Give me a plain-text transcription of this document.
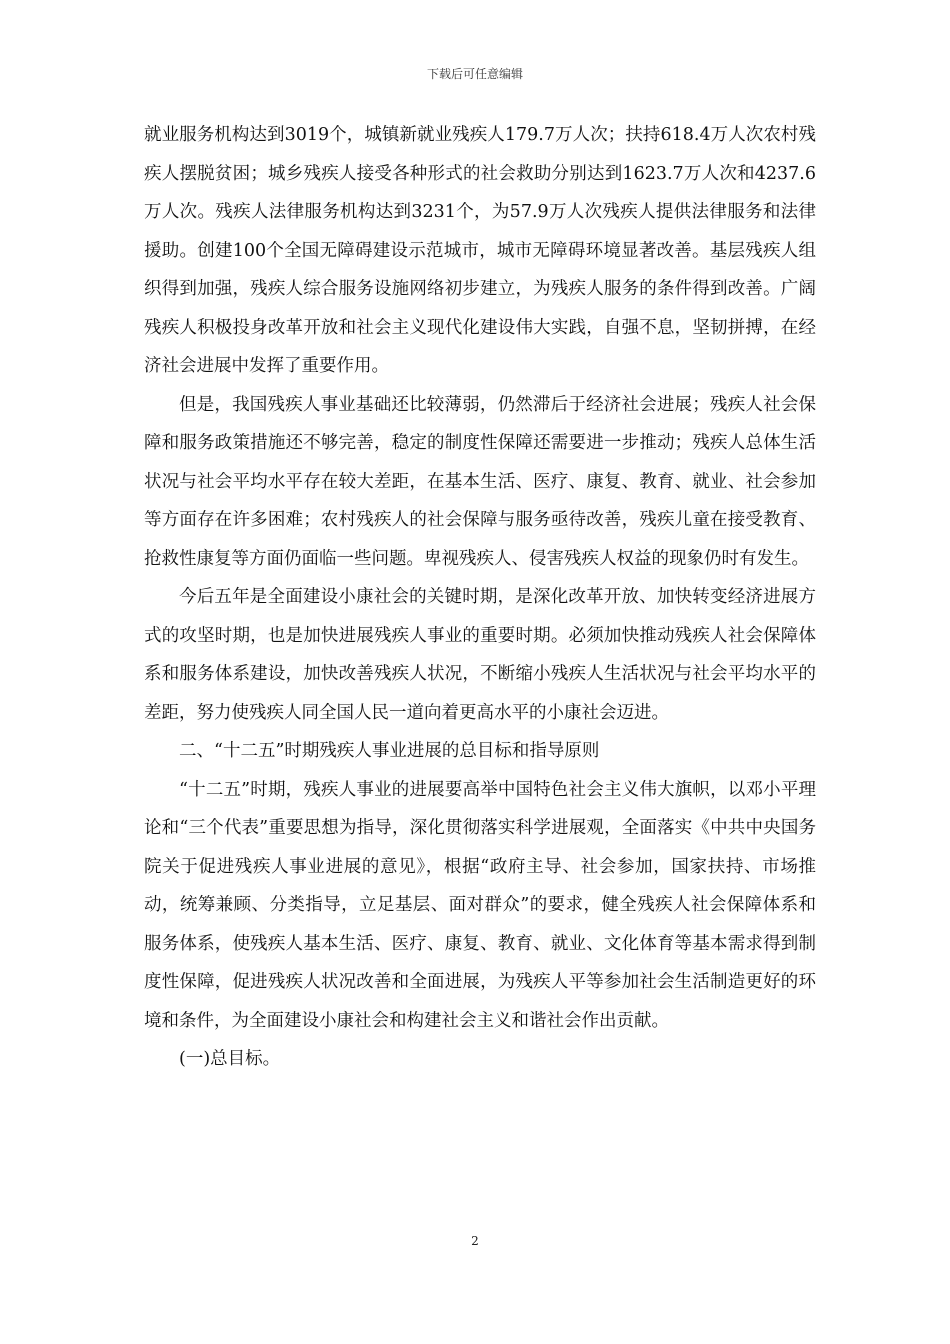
下载后可任意编辑

就业服务机构达到3019个，城镇新就业残疾人179.7万人次；扶持618.4万人次农村残疾人摆脱贫困；城乡残疾人接受各种形式的社会救助分别达到1623.7万人次和4237.6万人次。残疾人法律服务机构达到3231个，为57.9万人次残疾人提供法律服务和法律援助。创建100个全国无障碍建设示范城市，城市无障碍环境显著改善。基层残疾人组织得到加强，残疾人综合服务设施网络初步建立，为残疾人服务的条件得到改善。广阔残疾人积极投身改革开放和社会主义现代化建设伟大实践，自强不息，坚韧拼搏，在经济社会进展中发挥了重要作用。

但是，我国残疾人事业基础还比较薄弱，仍然滞后于经济社会进展；残疾人社会保障和服务政策措施还不够完善，稳定的制度性保障还需要进一步推动；残疾人总体生活状况与社会平均水平存在较大差距，在基本生活、医疗、康复、教育、就业、社会参加等方面存在许多困难；农村残疾人的社会保障与服务亟待改善，残疾儿童在接受教育、抢救性康复等方面仍面临一些问题。卑视残疾人、侵害残疾人权益的现象仍时有发生。

今后五年是全面建设小康社会的关键时期，是深化改革开放、加快转变经济进展方式的攻坚时期，也是加快进展残疾人事业的重要时期。必须加快推动残疾人社会保障体系和服务体系建设，加快改善残疾人状况，不断缩小残疾人生活状况与社会平均水平的差距，努力使残疾人同全国人民一道向着更高水平的小康社会迈进。

二、“十二五”时期残疾人事业进展的总目标和指导原则

“十二五”时期，残疾人事业的进展要高举中国特色社会主义伟大旗帜，以邓小平理论和“三个代表”重要思想为指导，深化贯彻落实科学进展观，全面落实《中共中央国务院关于促进残疾人事业进展的意见》，根据“政府主导、社会参加，国家扶持、市场推动，统筹兼顾、分类指导，立足基层、面对群众”的要求，健全残疾人社会保障体系和服务体系，使残疾人基本生活、医疗、康复、教育、就业、文化体育等基本需求得到制度性保障，促进残疾人状况改善和全面进展，为残疾人平等参加社会生活制造更好的环境和条件，为全面建设小康社会和构建社会主义和谐社会作出贡献。

(一)总目标。

2
